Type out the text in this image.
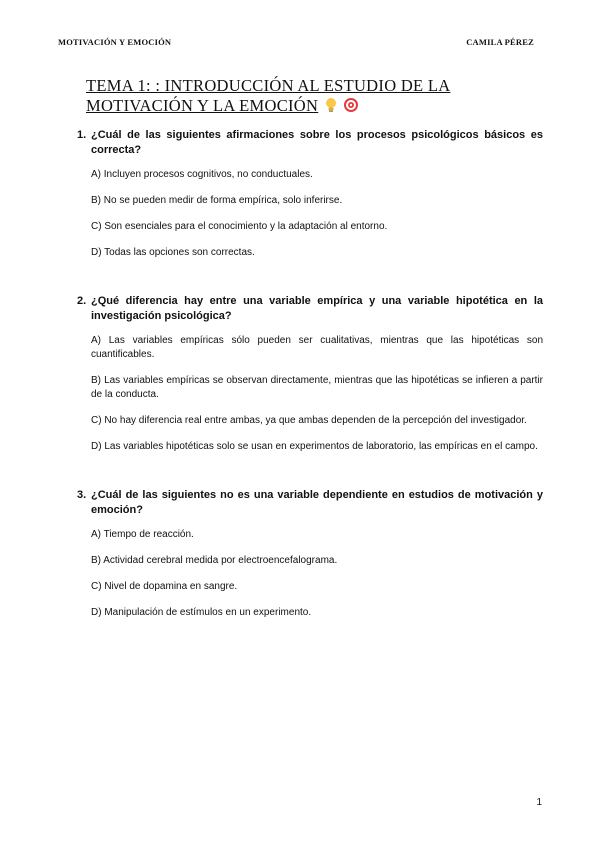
MOTIVACIÓN Y EMOCIÓN	CAMILA PÉREZ
TEMA 1: : INTRODUCCIÓN AL ESTUDIO DE LA
MOTIVACIÓN Y LA EMOCIÓN
1. ¿Cuál de las siguientes afirmaciones sobre los procesos psicológicos básicos es correcta?
A) Incluyen procesos cognitivos, no conductuales.
B) No se pueden medir de forma empírica, solo inferirse.
C) Son esenciales para el conocimiento y la adaptación al entorno.
D) Todas las opciones son correctas.
2. ¿Qué diferencia hay entre una variable empírica y una variable hipotética en la investigación psicológica?
A) Las variables empíricas sólo pueden ser cualitativas, mientras que las hipotéticas son cuantificables.
B) Las variables empíricas se observan directamente, mientras que las hipotéticas se infieren a partir de la conducta.
C) No hay diferencia real entre ambas, ya que ambas dependen de la percepción del investigador.
D) Las variables hipotéticas solo se usan en experimentos de laboratorio, las empíricas en el campo.
3. ¿Cuál de las siguientes no es una variable dependiente en estudios de motivación y emoción?
A) Tiempo de reacción.
B) Actividad cerebral medida por electroencefalograma.
C) Nivel de dopamina en sangre.
D) Manipulación de estímulos en un experimento.
1
